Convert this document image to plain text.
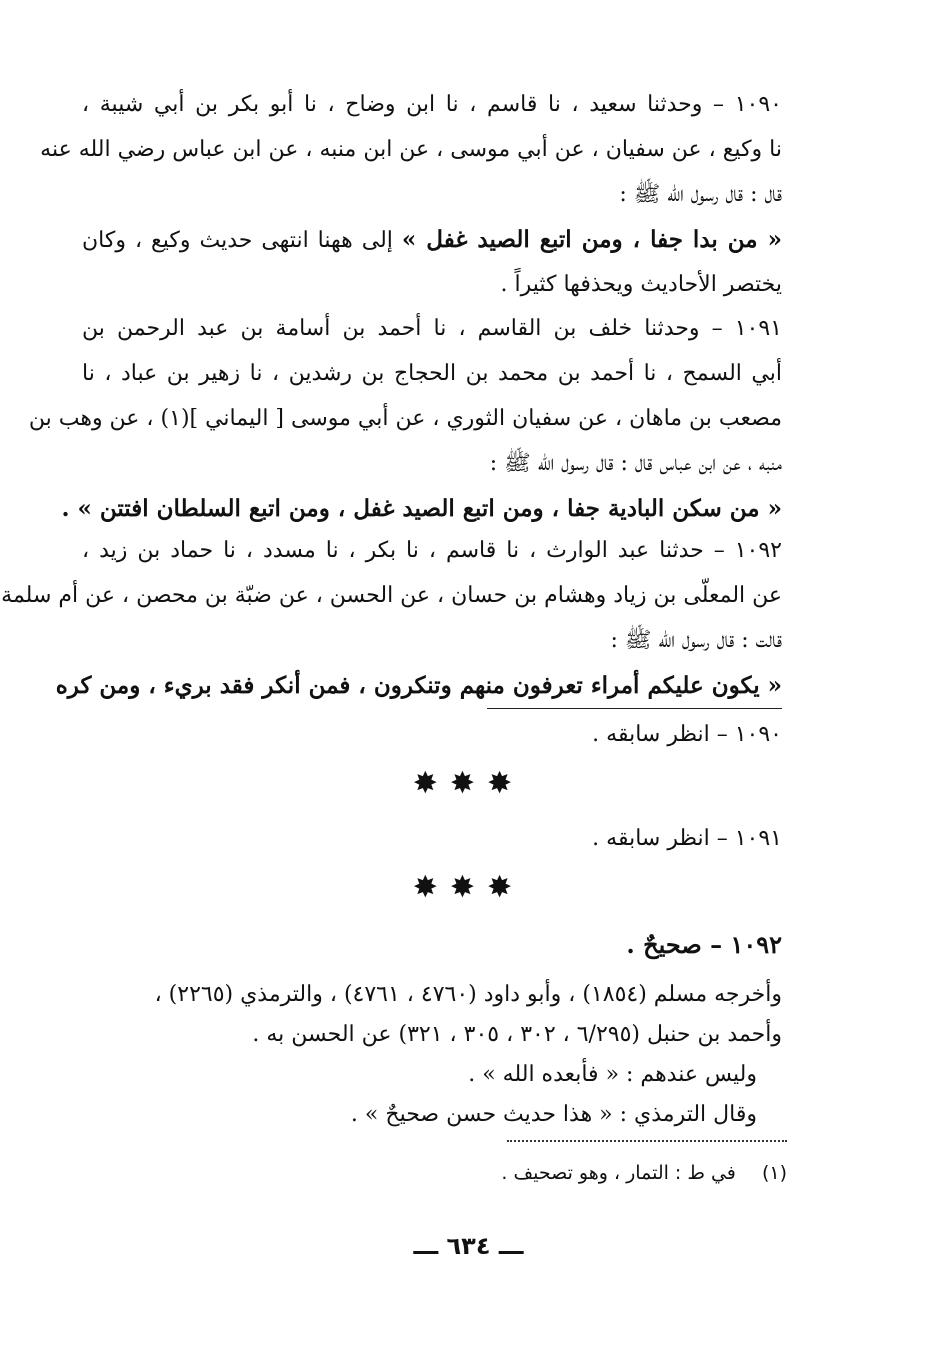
١٠٩٠ – وحدثنا سعيد ، نا قاسم ، نا ابن وضاح ، نا أبو بكر بن أبي شيبة ،
نا وكيع ، عن سفيان ، عن أبي موسى ، عن ابن منبه ، عن ابن عباس رضي الله عنه
قال : قال رسول الله ﷺ :
« من بدا جفا ، ومن اتبع الصيد غفل » إلى ههنا انتهى حديث وكيع ، وكان
يختصر الأحاديث ويحذفها كثيراً .
١٠٩١ – وحدثنا خلف بن القاسم ، نا أحمد بن أسامة بن عبد الرحمن بن
أبي السمح ، نا أحمد بن محمد بن الحجاج بن رشدين ، نا زهير بن عباد ، نا
مصعب بن ماهان ، عن سفيان الثوري ، عن أبي موسى [ اليماني ](١) ، عن وهب بن
منبه ، عن ابن عباس قال : قال رسول الله ﷺ :
« من سكن البادية جفا ، ومن اتبع الصيد غفل ، ومن اتبع السلطان افتتن » .
١٠٩٢ – حدثنا عبد الوارث ، نا قاسم ، نا بكر ، نا مسدد ، نا حماد بن زيد ،
عن المعلّى بن زياد وهشام بن حسان ، عن الحسن ، عن ضبّة بن محصن ، عن أم سلمة
قالت : قال رسول الله ﷺ :
« يكون عليكم أمراء تعرفون منهم وتنكرون ، فمن أنكر فقد بريء ، ومن كره
١٠٩٠ – انظر سابقه .
✸✸✸
١٠٩١ – انظر سابقه .
✸✸✸
١٠٩٢ – صحيحٌ .
وأخرجه مسلم (١٨٥٤) ، وأبو داود (٤٧٦٠ ، ٤٧٦١) ، والترمذي (٢٢٦٥) ،
وأحمد بن حنبل (٦/٢٩٥ ، ٣٠٢ ، ٣٠٥ ، ٣٢١) عن الحسن به .
وليس عندهم : « فأبعده الله » .
وقال الترمذي : « هذا حديث حسن صحيحٌ » .
(١) في ط : التمار ، وهو تصحيف .
ـــ ٦٣٤ ـــ
